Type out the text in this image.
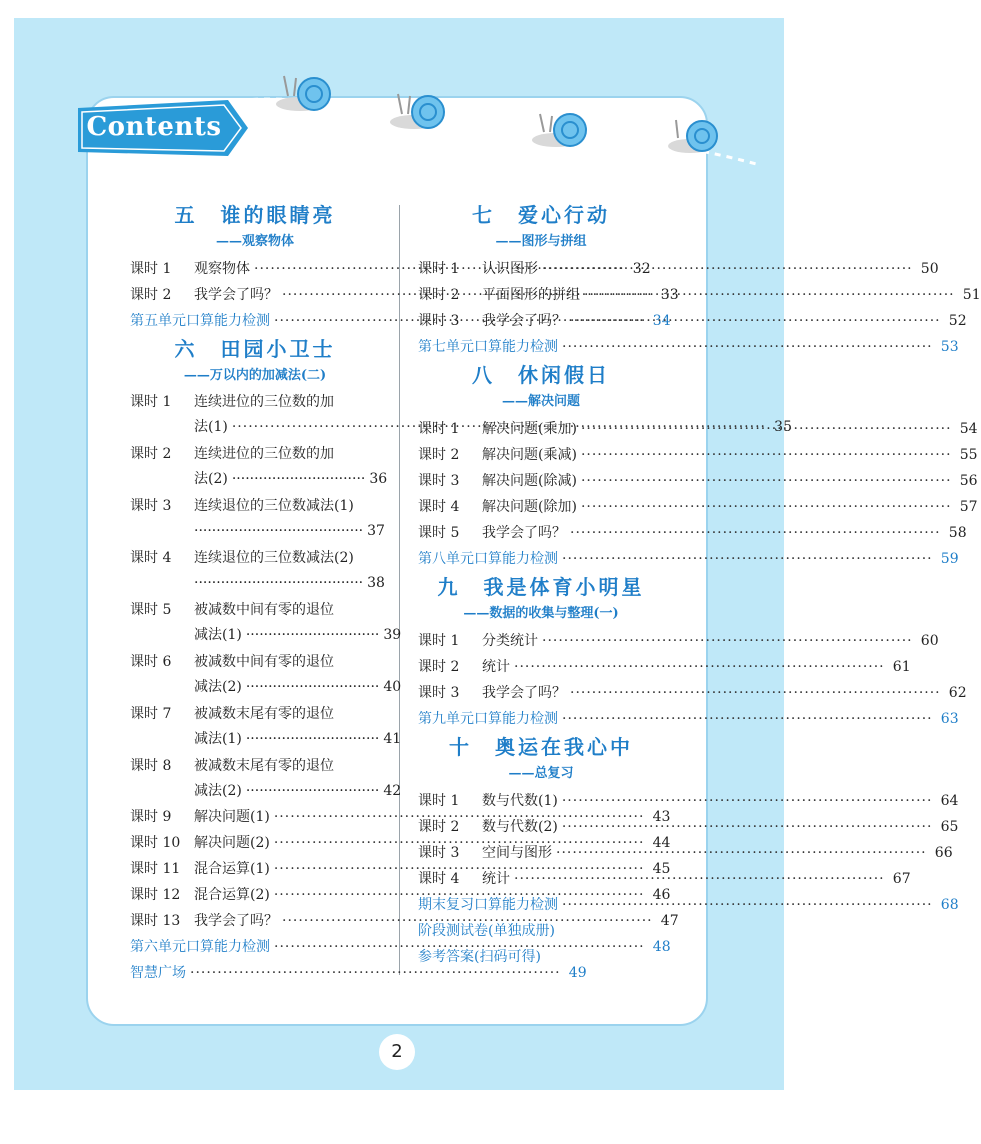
Contents
五　谁的眼睛亮
——观察物体
课时 1	观察物体 ·····	32
课时 2	我学会了吗？ ·····	33
第五单元口算能力检测 ·····	34
六　田园小卫士
——万以内的加减法(二)
课时 1	连续进位的三位数的加
法(1)	····· ······························ 35
课时 2	连续进位的三位数的加
法(2) ······························ 36
课时 3	连续退位的三位数减法(1)
······································ 37
课时 4	连续退位的三位数减法(2)
······································ 38
课时 5	被减数中间有零的退位
减法(1) ······························ 39
课时 6	被减数中间有零的退位
减法(2) ······························ 40
课时 7	被减数末尾有零的退位
减法(1) ······························ 41
课时 8	被减数末尾有零的退位
减法(2) ······························ 42
课时 9	解决问题(1) ·····	43
课时 10 解决问题(2) ·····	44
课时 11 混合运算(1) ·····	45
课时 12 混合运算(2) ·····	46
课时 13 我学会了吗？ ·····	47
第六单元口算能力检测 ·····	48
智慧广场 ·····	49
七　爱心行动
——图形与拼组
课时 1	认识图形 ·····	50
课时 2	平面图形的拼组 ·····	51
课时 3	我学会了吗？ ·····	52
第七单元口算能力检测 ·····	53
八　休闲假日
——解决问题
课时 1	解决问题(乘加) ·····	54
课时 2	解决问题(乘减) ·····	55
课时 3	解决问题(除减) ·····	56
课时 4	解决问题(除加) ·····	57
课时 5	我学会了吗？ ·····	58
第八单元口算能力检测 ·····	59
九　我是体育小明星
——数据的收集与整理(一)
课时 1	分类统计 ·····	60
课时 2	统计 ·····	61
课时 3	我学会了吗？ ·····	62
第九单元口算能力检测 ·····	63
十　奥运在我心中
——总复习
课时 1	数与代数(1) ·····	64
课时 2	数与代数(2) ·····	65
课时 3	空间与图形 ·····	66
课时 4	统计 ·····	67
期末复习口算能力检测 ·····	68
阶段测试卷(单独成册)
参考答案(扫码可得)
2
